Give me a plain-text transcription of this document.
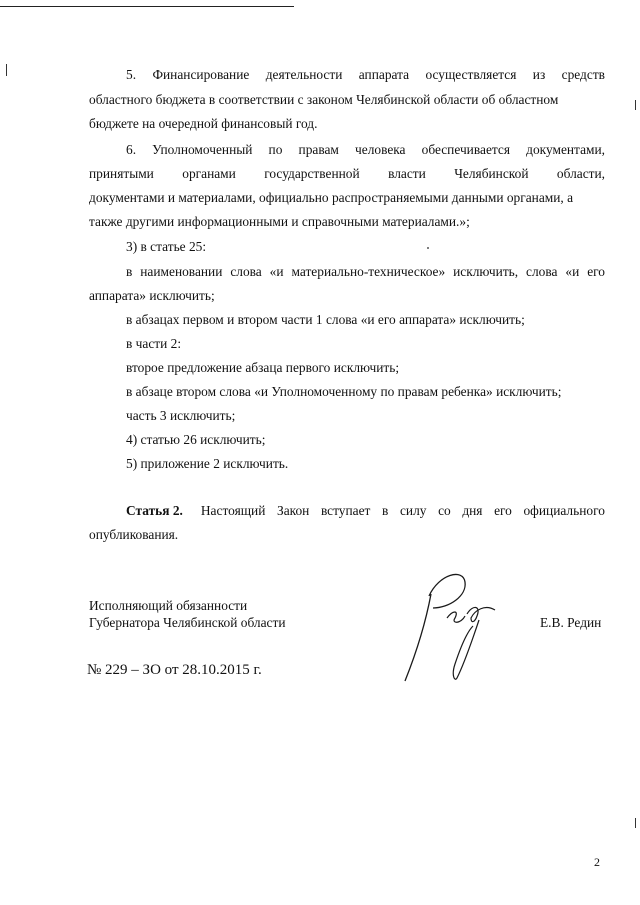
5. Финансирование деятельности аппарата осуществляется из средств
областного бюджета в соответствии с законом Челябинской области об областном
бюджете на очередной финансовый год.
6. Уполномоченный по правам человека обеспечивается документами,
принятыми органами государственной власти Челябинской области,
документами и материалами, официально распространяемыми данными органами, а
также другими информационными и справочными материалами.»;
3) в статье 25:
в наименовании слова «и материально-техническое» исключить, слова «и его
аппарата» исключить;
в абзацах первом и втором части 1 слова «и его аппарата» исключить;
в части 2:
второе предложение абзаца первого исключить;
в абзаце втором слова «и Уполномоченному по правам ребенка» исключить;
часть 3 исключить;
4) статью 26 исключить;
5) приложение 2 исключить.
Статья 2. Настоящий Закон вступает в силу со дня его официального
опубликования.
Исполняющий обязанности
Губернатора Челябинской области	Е.В. Редин
№ 229 – ЗО от 28.10.2015 г.
2
